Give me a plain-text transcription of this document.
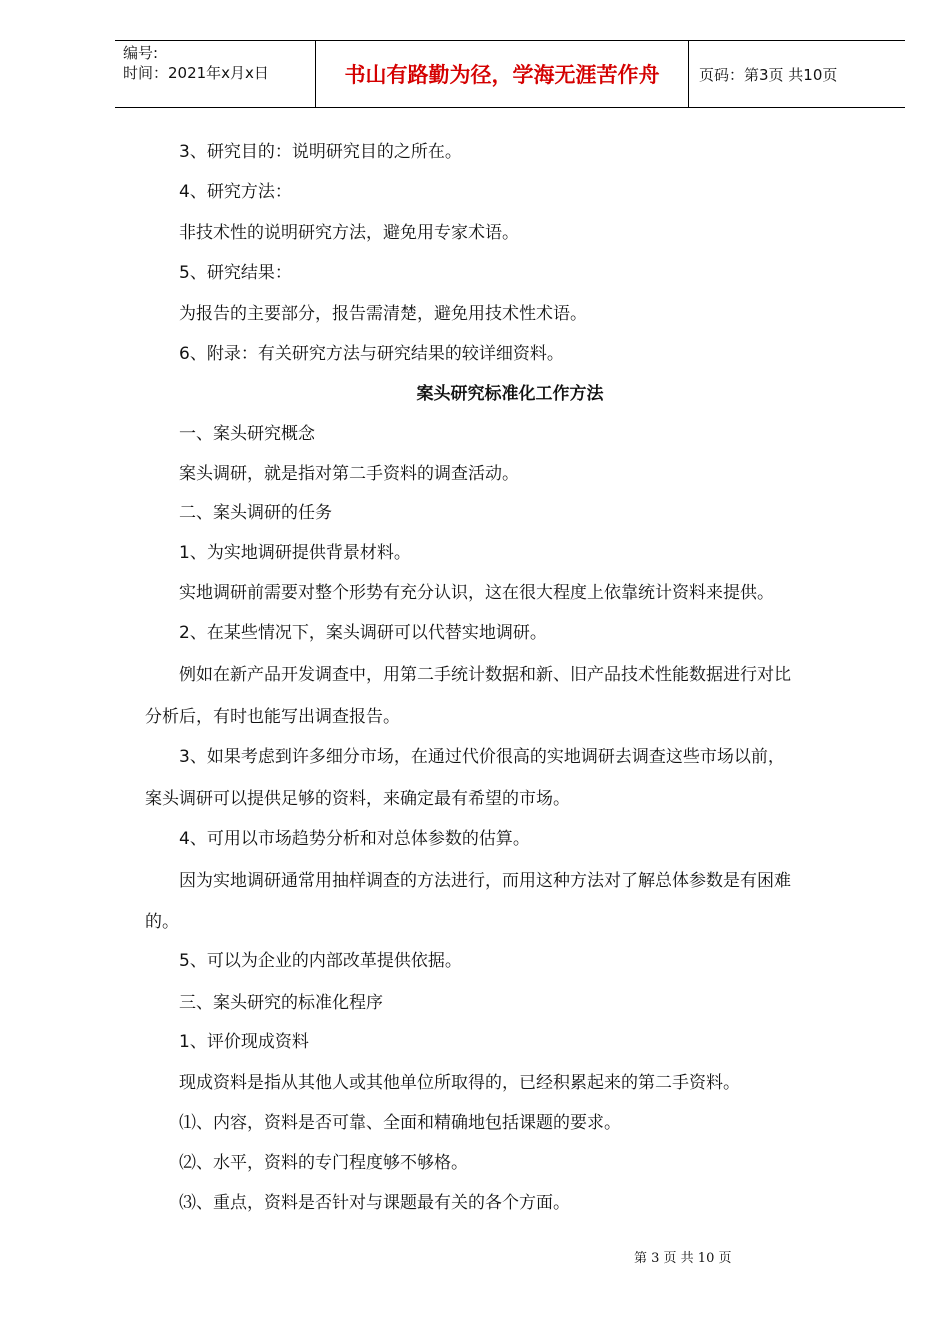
编号:
时间：2021年x月x日	书山有路勤为径，学海无涯苦作舟	页码：第3页 共10页
3、研究目的：说明研究目的之所在。
4、研究方法：
非技术性的说明研究方法，避免用专家术语。
5、研究结果：
为报告的主要部分，报告需清楚，避免用技术性术语。
6、附录：有关研究方法与研究结果的较详细资料。
案头研究标准化工作方法
一、案头研究概念
案头调研，就是指对第二手资料的调查活动。
二、案头调研的任务
1、为实地调研提供背景材料。
实地调研前需要对整个形势有充分认识，这在很大程度上依靠统计资料来提供。
2、在某些情况下，案头调研可以代替实地调研。
例如在新产品开发调查中，用第二手统计数据和新、旧产品技术性能数据进行对比
分析后，有时也能写出调查报告。
3、如果考虑到许多细分市场，在通过代价很高的实地调研去调查这些市场以前，
案头调研可以提供足够的资料，来确定最有希望的市场。
4、可用以市场趋势分析和对总体参数的估算。
因为实地调研通常用抽样调查的方法进行，而用这种方法对了解总体参数是有困难
的。
5、可以为企业的内部改革提供依据。
三、案头研究的标准化程序
1、评价现成资料
现成资料是指从其他人或其他单位所取得的，已经积累起来的第二手资料。
⑴、内容，资料是否可靠、全面和精确地包括课题的要求。
⑵、水平，资料的专门程度够不够格。
⑶、重点，资料是否针对与课题最有关的各个方面。
第 3 页 共 10 页
